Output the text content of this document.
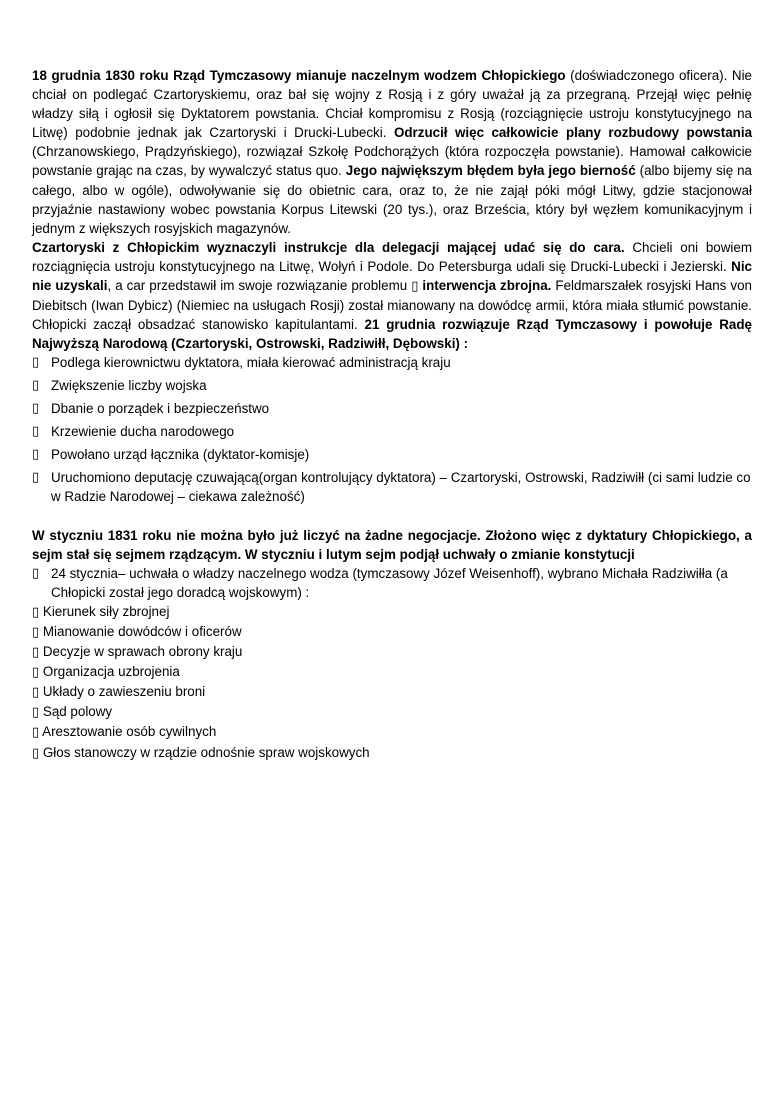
18 grudnia 1830 roku Rząd Tymczasowy mianuje naczelnym wodzem Chłopickiego (doświadczonego oficera). Nie chciał on podlegać Czartoryskiemu, oraz bał się wojny z Rosją i z góry uważał ją za przegraną. Przejął więc pełnię władzy siłą i ogłosił się Dyktatorem powstania. Chciał kompromisu z Rosją (rozciągnięcie ustroju konstytucyjnego na Litwę) podobnie jednak jak Czartoryski i Drucki-Lubecki. Odrzucił więc całkowicie plany rozbudowy powstania (Chrzanowskiego, Prądzyńskiego), rozwiązał Szkołę Podchorążych (która rozpoczęła powstanie). Hamował całkowicie powstanie grając na czas, by wywalczyć status quo. Jego największym błędem była jego bierność (albo bijemy się na całego, albo w ogóle), odwoływanie się do obietnic cara, oraz to, że nie zajął póki mógł Litwy, gdzie stacjonował przyjaźnie nastawiony wobec powstania Korpus Litewski (20 tys.), oraz Brześcia, który był węzłem komunikacyjnym i jednym z większych rosyjskich magazynów.

Czartoryski z Chłopickim wyznaczyli instrukcje dla delegacji mającej udać się do cara. Chcieli oni bowiem rozciągnięcia ustroju konstytucyjnego na Litwę, Wołyń i Podole. Do Petersburga udali się Drucki-Lubecki i Jezierski. Nic nie uzyskali, a car przedstawił im swoje rozwiązanie problemu ▯ interwencja zbrojna. Feldmarszałek rosyjski Hans von Diebitsch (Iwan Dybicz) (Niemiec na usługach Rosji) został mianowany na dowódcę armii, która miała stłumić powstanie. Chłopicki zaczął obsadzać stanowisko kapitulantami. 21 grudnia rozwiązuje Rząd Tymczasowy i powołuje Radę Najwyższą Narodową (Czartoryski, Ostrowski, Radziwiłł, Dębowski) :

▯ Podlega kierownictwu dyktatora, miała kierować administracją kraju

▯ Zwiększenie liczby wojska

▯ Dbanie o porządek i bezpieczeństwo

▯ Krzewienie ducha narodowego

▯ Powołano urząd łącznika (dyktator-komisje)

▯ Uruchomiono deputację czuwającą(organ kontrolujący dyktatora) – Czartoryski, Ostrowski, Radziwiłł (ci sami ludzie co w Radzie Narodowej – ciekawa zależność)

W styczniu 1831 roku nie można było już liczyć na żadne negocjacje. Złożono więc z dyktatury Chłopickiego, a sejm stał się sejmem rządzącym. W styczniu i lutym sejm podjął uchwały o zmianie konstytucji

▯ 24 stycznia– uchwała o władzy naczelnego wodza (tymczasowy Józef Weisenhoff), wybrano Michała Radziwiłła (a Chłopicki został jego doradcą wojskowym) :

▯ Kierunek siły zbrojnej

▯ Mianowanie dowódców i oficerów

▯ Decyzje w sprawach obrony kraju

▯ Organizacja uzbrojenia

▯ Układy o zawieszeniu broni

▯ Sąd polowy

▯ Aresztowanie osób cywilnych

▯ Głos stanowczy w rządzie odnośnie spraw wojskowych
